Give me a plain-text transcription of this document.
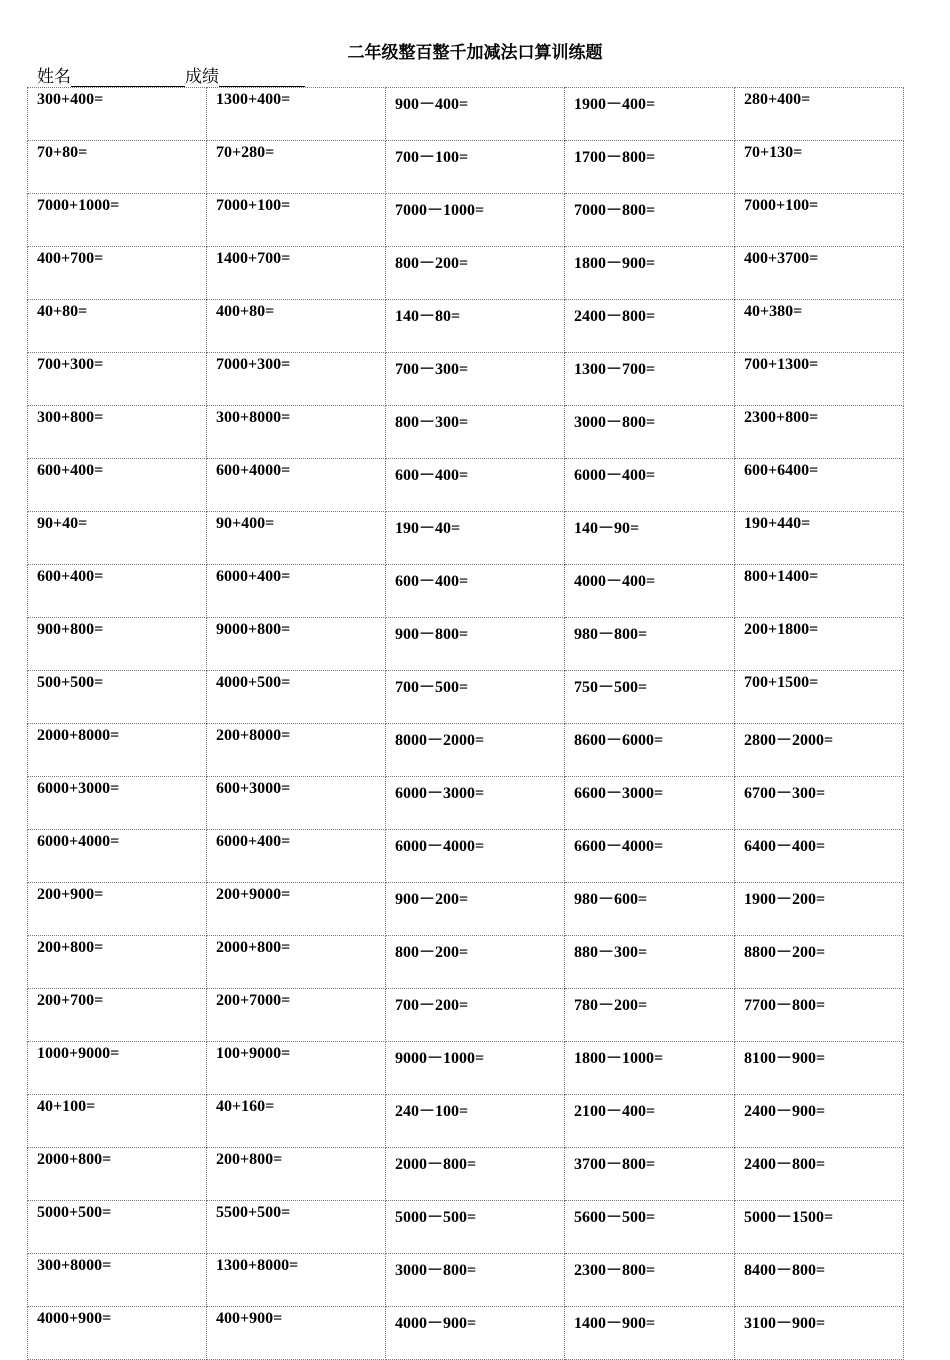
二年级整百整千加减法口算训练题
姓名	成绩
300+400=	1300+400=	900－400=	1900－400=	280+400=
70+80=	70+280=	700－100=	1700－800=	70+130=
7000+1000=	7000+100=	7000－1000=	7000－800=	7000+100=
400+700=	1400+700=	800－200=	1800－900=	400+3700=
40+80=	400+80=	140－80=	2400－800=	40+380=
700+300=	7000+300=	700－300=	1300－700=	700+1300=
300+800=	300+8000=	800－300=	3000－800=	2300+800=
600+400=	600+4000=	600－400=	6000－400=	600+6400=
90+40=	90+400=	190－40=	140－90=	190+440=
600+400=	6000+400=	600－400=	4000－400=	800+1400=
900+800=	9000+800=	900－800=	980－800=	200+1800=
500+500=	4000+500=	700－500=	750－500=	700+1500=
2000+8000=	200+8000=	8000－2000=	8600－6000=	2800－2000=
6000+3000=	600+3000=	6000－3000=	6600－3000=	6700－300=
6000+4000=	6000+400=	6000－4000=	6600－4000=	6400－400=
200+900=	200+9000=	900－200=	980－600=	1900－200=
200+800=	2000+800=	800－200=	880－300=	8800－200=
200+700=	200+7000=	700－200=	780－200=	7700－800=
1000+9000=	100+9000=	9000－1000=	1800－1000=	8100－900=
40+100=	40+160=	240－100=	2100－400=	2400－900=
2000+800=	200+800=	2000－800=	3700－800=	2400－800=
5000+500=	5500+500=	5000－500=	5600－500=	5000－1500=
300+8000=	1300+8000=	3000－800=	2300－800=	8400－800=
4000+900=	400+900=	4000－900=	1400－900=	3100－900=
